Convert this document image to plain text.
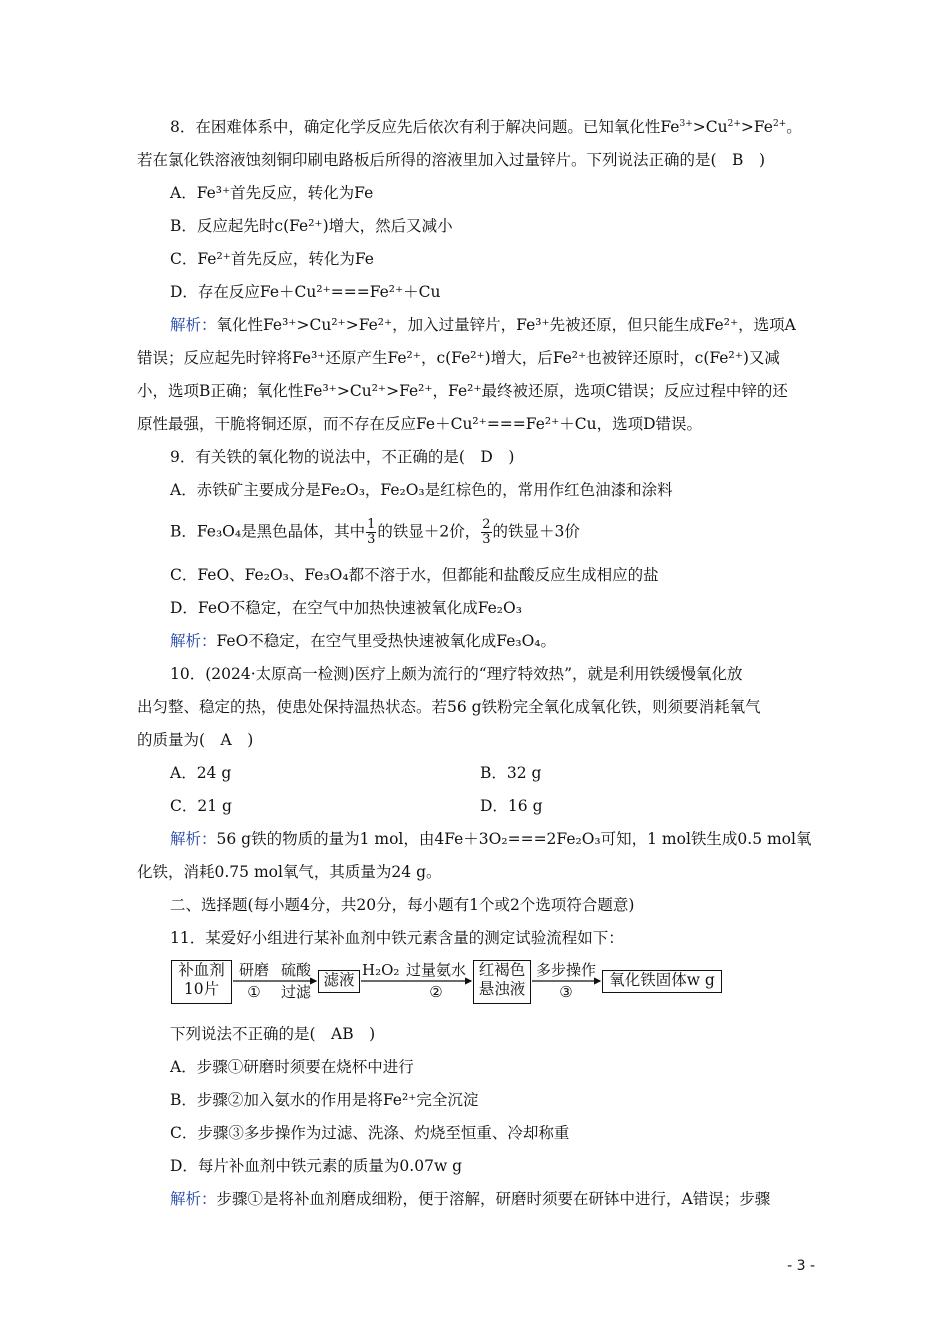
8．在困难体系中，确定化学反应先后依次有利于解决问题。已知氧化性$Fe^{3+}>Cu^{2+}>Fe^{2+}$。
若在氯化铁溶液蚀刻铜印刷电路板后所得的溶液里加入过量锌片。下列说法正确的是(　B　)
A．Fe³⁺首先反应，转化为Fe
B．反应起先时c(Fe²⁺)增大，然后又减小
C．Fe²⁺首先反应，转化为Fe
D．存在反应Fe＋Cu²⁺===Fe²⁺＋Cu
解析：氧化性Fe³⁺>Cu²⁺>Fe²⁺，加入过量锌片，Fe³⁺先被还原，但只能生成Fe²⁺，选项A
错误；反应起先时锌将Fe³⁺还原产生Fe²⁺，c(Fe²⁺)增大，后Fe²⁺也被锌还原时，c(Fe²⁺)又减
小，选项B正确；氧化性Fe³⁺>Cu²⁺>Fe²⁺，Fe²⁺最终被还原，选项C错误；反应过程中锌的还
原性最强，干脆将铜还原，而不存在反应Fe＋Cu²⁺===Fe²⁺＋Cu，选项D错误。
9．有关铁的氧化物的说法中，不正确的是(　D　)
A．赤铁矿主要成分是Fe₂O₃，Fe₂O₃是红棕色的，常用作红色油漆和涂料
B．Fe₃O₄是黑色晶体，其中 $\frac{1}{3}$ 的铁显＋2价， $\frac{2}{3}$ 的铁显＋3价
C．FeO、Fe₂O₃、Fe₃O₄都不溶于水，但都能和盐酸反应生成相应的盐
D．FeO不稳定，在空气中加热快速被氧化成Fe₂O₃
解析：FeO不稳定，在空气里受热快速被氧化成Fe₃O₄。
10．(2024·太原高一检测)医疗上颇为流行的“理疗特效热”，就是利用铁缓慢氧化放
出匀整、稳定的热，使患处保持温热状态。若56 g铁粉完全氧化成氧化铁，则须要消耗氧气
的质量为(　A　)
A．24 g	B．32 g
C．21 g	D．16 g
解析：56 g铁的物质的量为1 mol，由4Fe＋3O₂===2Fe₂O₃可知，1 mol铁生成0.5 mol氧
化铁，消耗0.75 mol氧气，其质量为24 g。
二、选择题(每小题4分，共20分，每小题有1个或2个选项符合题意)
11．某爱好小组进行某补血剂中铁元素含量的测定试验流程如下：
补血剂
10片
研磨
①
硫酸
过滤
滤液
H₂O₂ 过量氨水
②
红褐色
悬浊液
多步操作
③
氧化铁固体w g
下列说法不正确的是(　AB　)
A．步骤①研磨时须要在烧杯中进行
B．步骤②加入氨水的作用是将Fe²⁺完全沉淀
C．步骤③多步操作为过滤、洗涤、灼烧至恒重、冷却称重
D．每片补血剂中铁元素的质量为0.07w g
解析：步骤①是将补血剂磨成细粉，便于溶解，研磨时须要在研钵中进行，A错误；步骤
- 3 -
